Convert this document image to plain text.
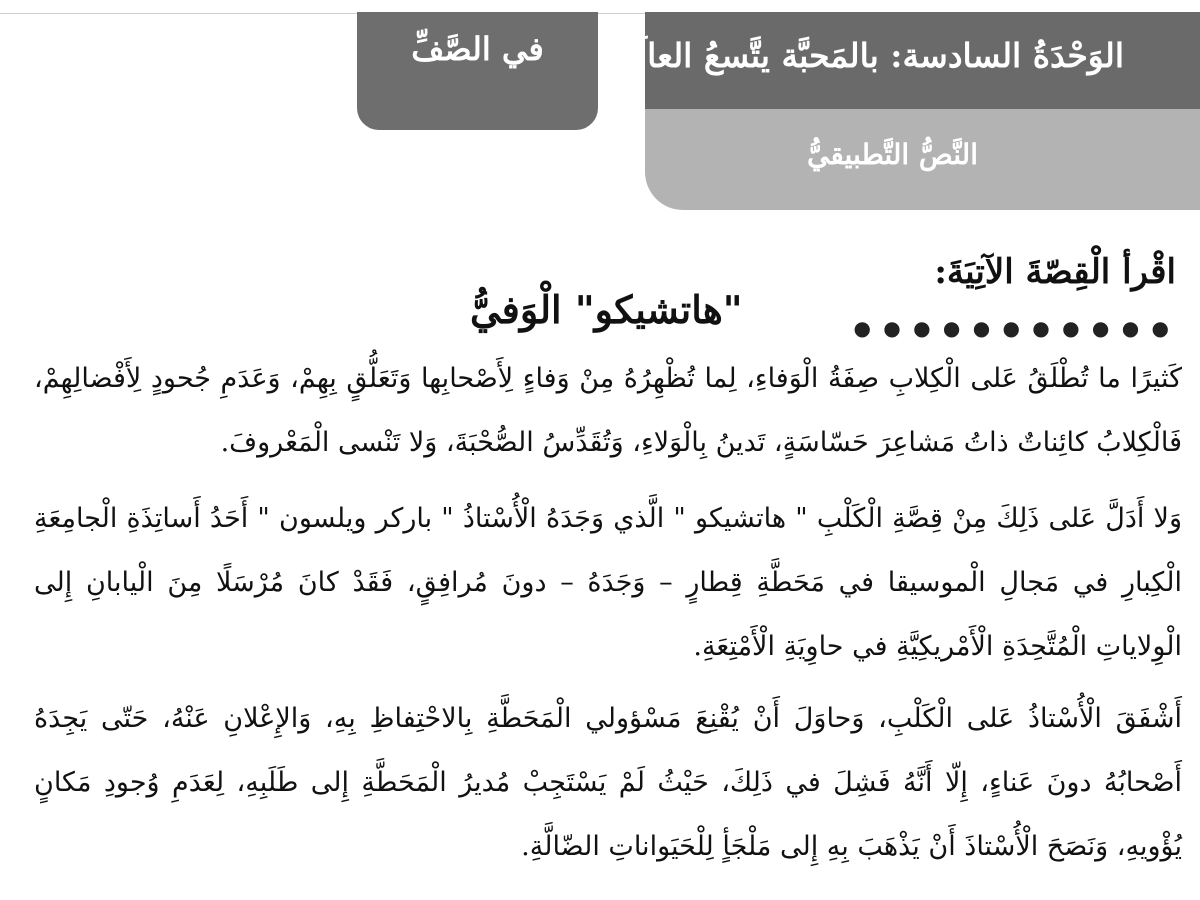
في الصَّفِّ	الوَحْدَةُ السادسة: بالمَحبَّة يتَّسعُ العالَمُ
النَّصُّ التَّطبيقيُّ
اقْرأ الْقِصّةَ الآتِيَةَ:
● ● ● ● ● ● ● ● ● ● ●
"هاتشيكو" الْوَفيُّ
كَثيرًا ما تُطْلَقُ عَلى الْكِلابِ صِفَةُ الْوَفاءِ، لِما تُظْهِرُهُ مِنْ وَفاءٍ لِأَصْحابِها وَتَعَلُّقٍ بِهِمْ، وَعَدَمِ جُحودٍ لِأَفْضالِهِمْ، فَالْكِلابُ كائِناتٌ ذاتُ مَشاعِرَ حَسّاسَةٍ، تَدينُ بِالْوَلاءِ، وَتُقَدِّسُ الصُّحْبَةَ، وَلا تَنْسى الْمَعْروفَ.
وَلا أَدَلَّ عَلى ذَلِكَ مِنْ قِصَّةِ الْكَلْبِ " هاتشيكو " الَّذي وَجَدَهُ الْأُسْتاذُ " باركر ويلسون " أَحَدُ أَساتِذَةِ الْجامِعَةِ الْكِبارِ في مَجالِ الْموسيقا في مَحَطَّةِ قِطارٍ – وَجَدَهُ – دونَ مُرافِقٍ، فَقَدْ كانَ مُرْسَلًا مِنَ الْيابانِ إِلى الْوِلاياتِ الْمُتَّحِدَةِ الْأَمْريكِيَّةِ في حاوِيَةِ الْأَمْتِعَةِ.
أَشْفَقَ الْأُسْتاذُ عَلى الْكَلْبِ، وَحاوَلَ أَنْ يُقْنِعَ مَسْؤولي الْمَحَطَّةِ بِالاحْتِفاظِ بِهِ، وَالإِعْلانِ عَنْهُ، حَتّى يَجِدَهُ أَصْحابُهُ دونَ عَناءٍ، إِلّا أَنَّهُ فَشِلَ في ذَلِكَ، حَيْثُ لَمْ يَسْتَجِبْ مُديرُ الْمَحَطَّةِ إِلى طَلَبِهِ، لِعَدَمِ وُجودِ مَكانٍ يُؤْويهِ، وَنَصَحَ الْأُسْتاذَ أَنْ يَذْهَبَ بِهِ إِلى مَلْجَأٍ لِلْحَيَواناتِ الضّالَّةِ.
